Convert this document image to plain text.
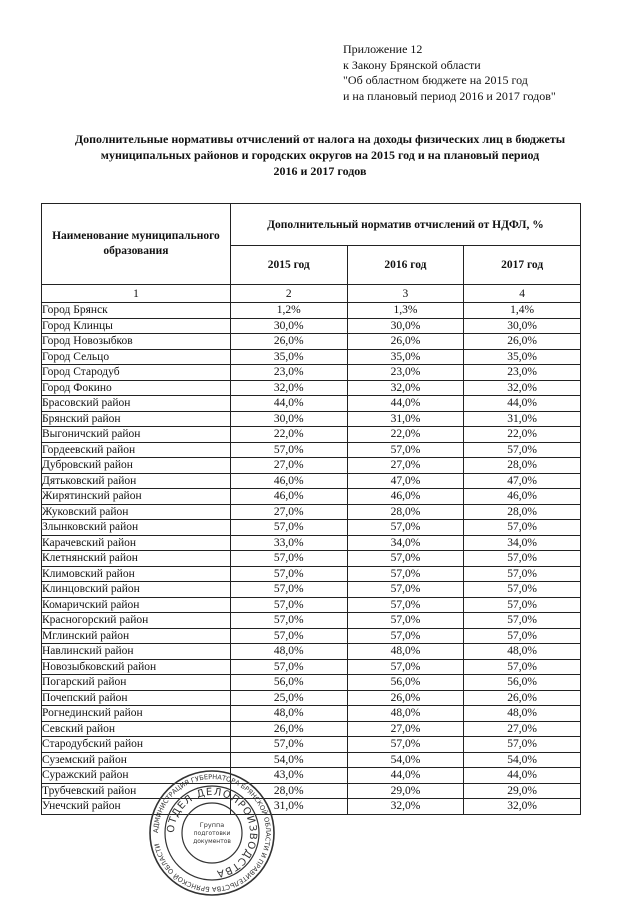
Приложение 12
к Закону Брянской области
"Об областном бюджете на 2015 год
и на плановый период 2016 и 2017 годов"
Дополнительные нормативы отчислений от налога на доходы физических лиц в бюджеты
муниципальных районов и городских округов на 2015 год и на плановый период
2016 и 2017 годов
Наименование муниципального
образования	Дополнительный норматив отчислений от НДФЛ, %		
	2015 год	2016 год	2017 год
1	2	3	4
Город Брянск	1,2%	1,3%	1,4%
Город Клинцы	30,0%	30,0%	30,0%
Город Новозыбков	26,0%	26,0%	26,0%
Город Сельцо	35,0%	35,0%	35,0%
Город Стародуб	23,0%	23,0%	23,0%
Город Фокино	32,0%	32,0%	32,0%
Брасовский район	44,0%	44,0%	44,0%
Брянский район	30,0%	31,0%	31,0%
Выгоничский район	22,0%	22,0%	22,0%
Гордеевский район	57,0%	57,0%	57,0%
Дубровский район	27,0%	27,0%	28,0%
Дятьковский район	46,0%	47,0%	47,0%
Жирятинский район	46,0%	46,0%	46,0%
Жуковский район	27,0%	28,0%	28,0%
Злынковский район	57,0%	57,0%	57,0%
Карачевский район	33,0%	34,0%	34,0%
Клетнянский район	57,0%	57,0%	57,0%
Климовский район	57,0%	57,0%	57,0%
Клинцовский район	57,0%	57,0%	57,0%
Комаричский район	57,0%	57,0%	57,0%
Красногорский район	57,0%	57,0%	57,0%
Мглинский район	57,0%	57,0%	57,0%
Навлинский район	48,0%	48,0%	48,0%
Новозыбковский район	57,0%	57,0%	57,0%
Погарский район	56,0%	56,0%	56,0%
Почепский район	25,0%	26,0%	26,0%
Рогнединский район	48,0%	48,0%	48,0%
Севский район	26,0%	27,0%	27,0%
Стародубский район	57,0%	57,0%	57,0%
Суземский район	54,0%	54,0%	54,0%
Суражский район	43,0%	44,0%	44,0%
Трубчевский район	28,0%	29,0%	29,0%
Унечский район	31,0%	32,0%	32,0%
АДМИНИСТРАЦИЯ ГУБЕРНАТОРА БРЯНСКОЙ ОБЛАСТИ И ПРАВИТЕЛЬСТВА БРЯНСКОЙ ОБЛАСТИ
ОТДЕЛ ДЕЛОПРОИЗВОДСТВА
Группа
подготовки
документов
